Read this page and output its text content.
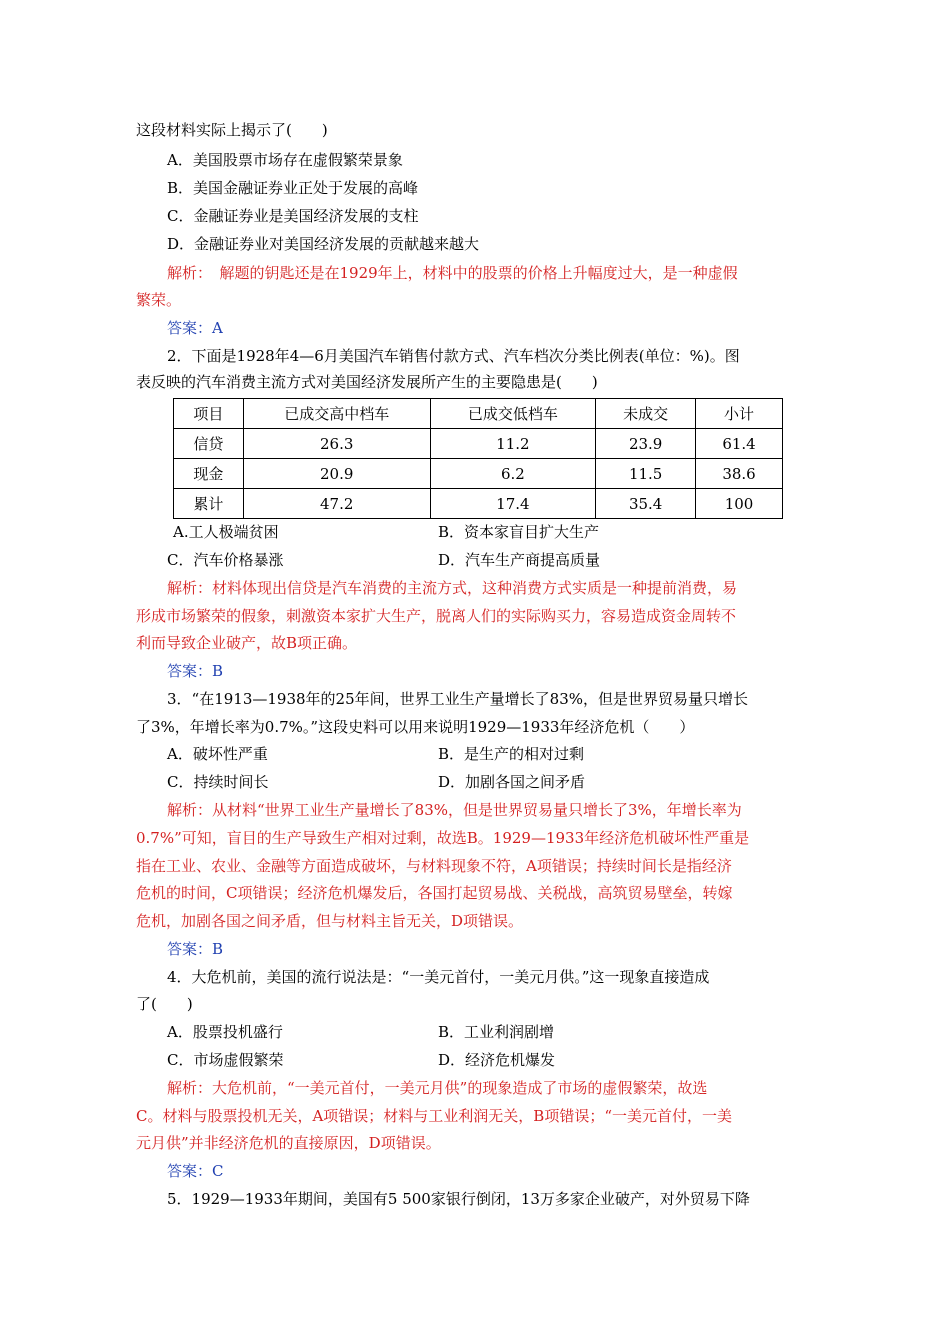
这段材料实际上揭示了(　　)
A．美国股票市场存在虚假繁荣景象
B．美国金融证券业正处于发展的高峰
C．金融证券业是美国经济发展的支柱
D．金融证券业对美国经济发展的贡献越来越大
解析：　解题的钥匙还是在1929年上，材料中的股票的价格上升幅度过大，是一种虚假
繁荣。
答案：A
2．下面是1928年4—6月美国汽车销售付款方式、汽车档次分类比例表(单位：%)。图
表反映的汽车消费主流方式对美国经济发展所产生的主要隐患是(　　)
项目	已成交高中档车	已成交低档车	未成交	小计
信贷	26.3	11.2	23.9	61.4
现金	20.9	6.2	11.5	38.6
累计	47.2	17.4	35.4	100
A.工人极端贫困	B．资本家盲目扩大生产
C．汽车价格暴涨	D．汽车生产商提高质量
解析：材料体现出信贷是汽车消费的主流方式，这种消费方式实质是一种提前消费，易
形成市场繁荣的假象，刺激资本家扩大生产，脱离人们的实际购买力，容易造成资金周转不
利而导致企业破产，故B项正确。
答案：B
3．“在1913—1938年的25年间，世界工业生产量增长了83%，但是世界贸易量只增长
了3%，年增长率为0.7%。”这段史料可以用来说明1929—1933年经济危机（　　）
A．破坏性严重	B．是生产的相对过剩
C．持续时间长	D．加剧各国之间矛盾
解析：从材料“世界工业生产量增长了83%，但是世界贸易量只增长了3%，年增长率为
0.7%”可知，盲目的生产导致生产相对过剩，故选B。1929—1933年经济危机破坏性严重是
指在工业、农业、金融等方面造成破坏，与材料现象不符，A项错误；持续时间长是指经济
危机的时间，C项错误；经济危机爆发后，各国打起贸易战、关税战，高筑贸易壁垒，转嫁
危机，加剧各国之间矛盾，但与材料主旨无关，D项错误。
答案：B
4．大危机前，美国的流行说法是：“一美元首付，一美元月供。”这一现象直接造成
了(　　)
A．股票投机盛行	B．工业利润剧增
C．市场虚假繁荣	D．经济危机爆发
解析：大危机前，“一美元首付，一美元月供”的现象造成了市场的虚假繁荣，故选
C。材料与股票投机无关，A项错误；材料与工业利润无关，B项错误；“一美元首付，一美
元月供”并非经济危机的直接原因，D项错误。
答案：C
5．1929—1933年期间，美国有5 500家银行倒闭，13万多家企业破产，对外贸易下降
